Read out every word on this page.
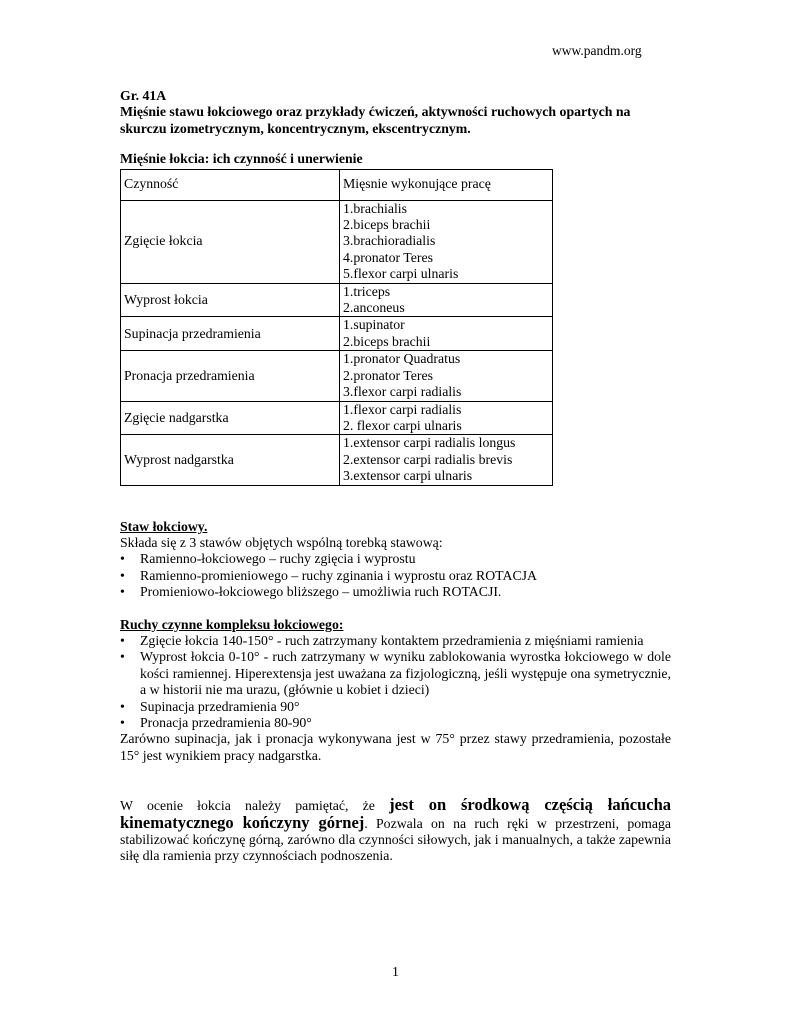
www.pandm.org
Gr. 41A
Mięśnie stawu łokciowego oraz przykłady ćwiczeń, aktywności ruchowych opartych na skurczu izometrycznym, koncentrycznym, ekscentrycznym.
Mięśnie łokcia: ich czynność i unerwienie
Czynność	Mięsnie wykonujące pracę
Zgięcie łokcia	1.brachialis
2.biceps brachii
3.brachioradialis
4.pronator Teres
5.flexor carpi ulnaris

Wyprost łokcia	1.triceps
2.anconeus

Supinacja przedramienia	1.supinator
2.biceps brachii

Pronacja przedramienia	1.pronator Quadratus
2.pronator Teres
3.flexor carpi radialis

Zgięcie nadgarstka	1.flexor carpi radialis
2. flexor carpi ulnaris

Wyprost nadgarstka	1.extensor carpi radialis longus
2.extensor carpi radialis brevis
3.extensor carpi ulnaris
Staw łokciowy.
Składa się z 3 stawów objętych wspólną torebką stawową:
• Ramienno-łokciowego – ruchy zgięcia i wyprostu
• Ramienno-promieniowego – ruchy zginania i wyprostu oraz ROTACJA
• Promieniowo-łokciowego bliższego – umożliwia ruch ROTACJI.
Ruchy czynne kompleksu łokciowego:
• Zgięcie łokcia 140-150° - ruch zatrzymany kontaktem przedramienia z mięśniami ramienia
• Wyprost łokcia 0-10° - ruch zatrzymany w wyniku zablokowania wyrostka łokciowego w dole kości ramiennej. Hiperextensja jest uważana za fizjologiczną, jeśli występuje ona symetrycznie, a w historii nie ma urazu, (głównie u kobiet i dzieci)
• Supinacja przedramienia 90°
• Pronacja przedramienia 80-90°
Zarówno supinacja, jak i pronacja wykonywana jest w 75° przez stawy przedramienia, pozostałe 15° jest wynikiem pracy nadgarstka.
W ocenie łokcia należy pamiętać, że jest on środkową częścią łańcucha kinematycznego kończyny górnej. Pozwala on na ruch ręki w przestrzeni, pomaga stabilizować kończynę górną, zarówno dla czynności siłowych, jak i manualnych, a także zapewnia siłę dla ramienia przy czynnościach podnoszenia.
1
